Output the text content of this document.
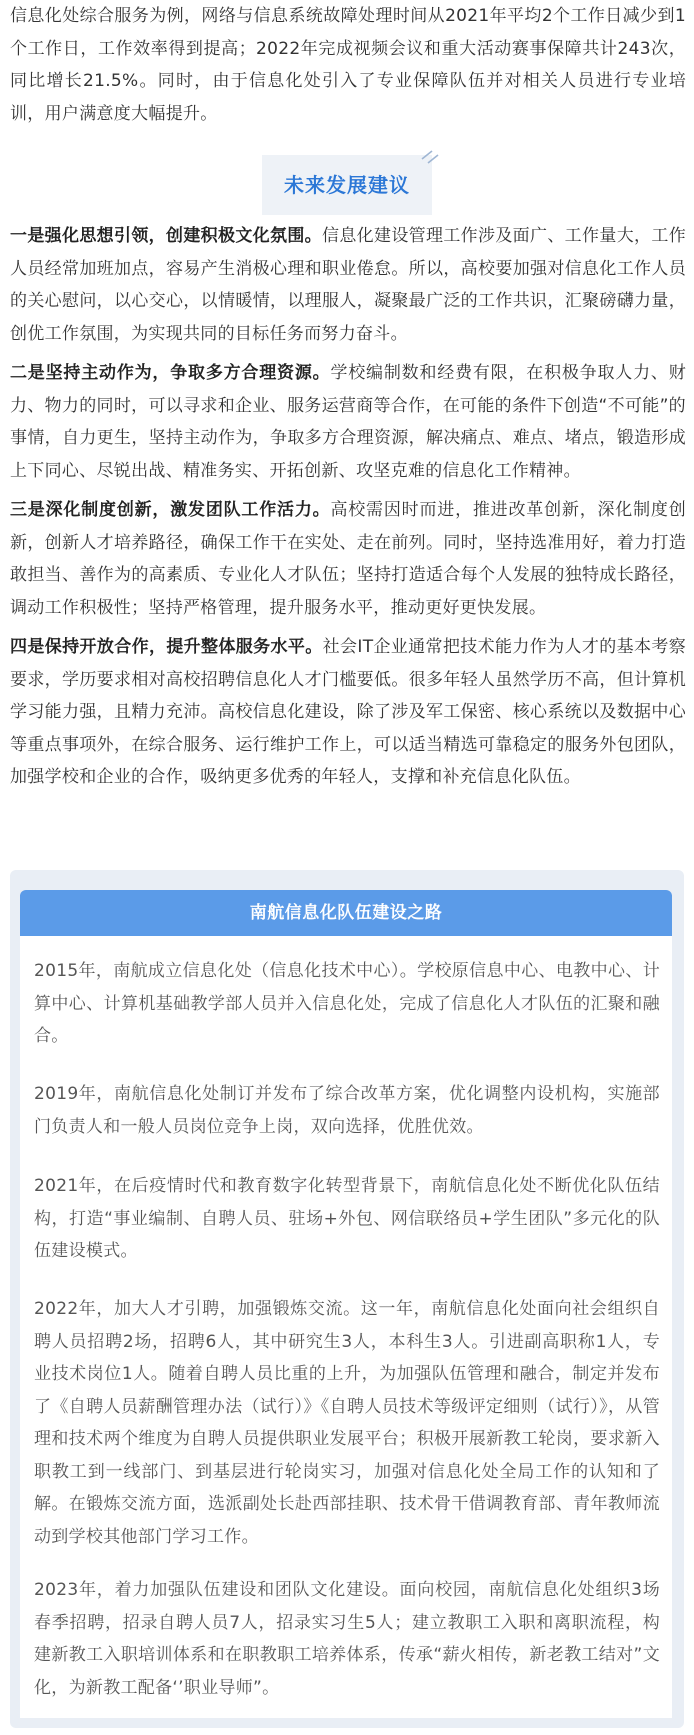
信息化处综合服务为例，网络与信息系统故障处理时间从2021年平均2个工作日减少到1个工作日，工作效率得到提高；2022年完成视频会议和重大活动赛事保障共计243次，同比增长21.5%。同时，由于信息化处引入了专业保障队伍并对相关人员进行专业培训，用户满意度大幅提升。

未来发展建议

一是强化思想引领，创建积极文化氛围。信息化建设管理工作涉及面广、工作量大，工作人员经常加班加点，容易产生消极心理和职业倦怠。所以，高校要加强对信息化工作人员的关心慰问，以心交心，以情暖情，以理服人，凝聚最广泛的工作共识，汇聚磅礴力量，创优工作氛围，为实现共同的目标任务而努力奋斗。

二是坚持主动作为，争取多方合理资源。学校编制数和经费有限，在积极争取人力、财力、物力的同时，可以寻求和企业、服务运营商等合作，在可能的条件下创造“不可能”的事情，自力更生，坚持主动作为，争取多方合理资源，解决痛点、难点、堵点，锻造形成上下同心、尽锐出战、精准务实、开拓创新、攻坚克难的信息化工作精神。

三是深化制度创新，激发团队工作活力。高校需因时而进，推进改革创新，深化制度创新，创新人才培养路径，确保工作干在实处、走在前列。同时，坚持选准用好，着力打造敢担当、善作为的高素质、专业化人才队伍；坚持打造适合每个人发展的独特成长路径，调动工作积极性；坚持严格管理，提升服务水平，推动更好更快发展。

四是保持开放合作，提升整体服务水平。社会IT企业通常把技术能力作为人才的基本考察要求，学历要求相对高校招聘信息化人才门槛要低。很多年轻人虽然学历不高，但计算机学习能力强，且精力充沛。高校信息化建设，除了涉及军工保密、核心系统以及数据中心等重点事项外，在综合服务、运行维护工作上，可以适当精选可靠稳定的服务外包团队，加强学校和企业的合作，吸纳更多优秀的年轻人，支撑和补充信息化队伍。

南航信息化队伍建设之路

2015年，南航成立信息化处（信息化技术中心）。学校原信息中心、电教中心、计算中心、计算机基础教学部人员并入信息化处，完成了信息化人才队伍的汇聚和融合。

2019年，南航信息化处制订并发布了综合改革方案，优化调整内设机构，实施部门负责人和一般人员岗位竞争上岗，双向选择，优胜优效。

2021年，在后疫情时代和教育数字化转型背景下，南航信息化处不断优化队伍结构，打造“事业编制、自聘人员、驻场+外包、网信联络员+学生团队”多元化的队伍建设模式。

2022年，加大人才引聘，加强锻炼交流。这一年，南航信息化处面向社会组织自聘人员招聘2场，招聘6人，其中研究生3人，本科生3人。引进副高职称1人，专业技术岗位1人。随着自聘人员比重的上升，为加强队伍管理和融合，制定并发布了《自聘人员薪酬管理办法（试行）》《自聘人员技术等级评定细则（试行）》，从管理和技术两个维度为自聘人员提供职业发展平台；积极开展新教工轮岗，要求新入职教工到一线部门、到基层进行轮岗实习，加强对信息化处全局工作的认知和了解。在锻炼交流方面，选派副处长赴西部挂职、技术骨干借调教育部、青年教师流动到学校其他部门学习工作。

2023年，着力加强队伍建设和团队文化建设。面向校园，南航信息化处组织3场春季招聘，招录自聘人员7人，招录实习生5人；建立教职工入职和离职流程，构建新教工入职培训体系和在职教职工培养体系，传承“薪火相传，新老教工结对”文化，为新教工配备‘’职业导师”。
